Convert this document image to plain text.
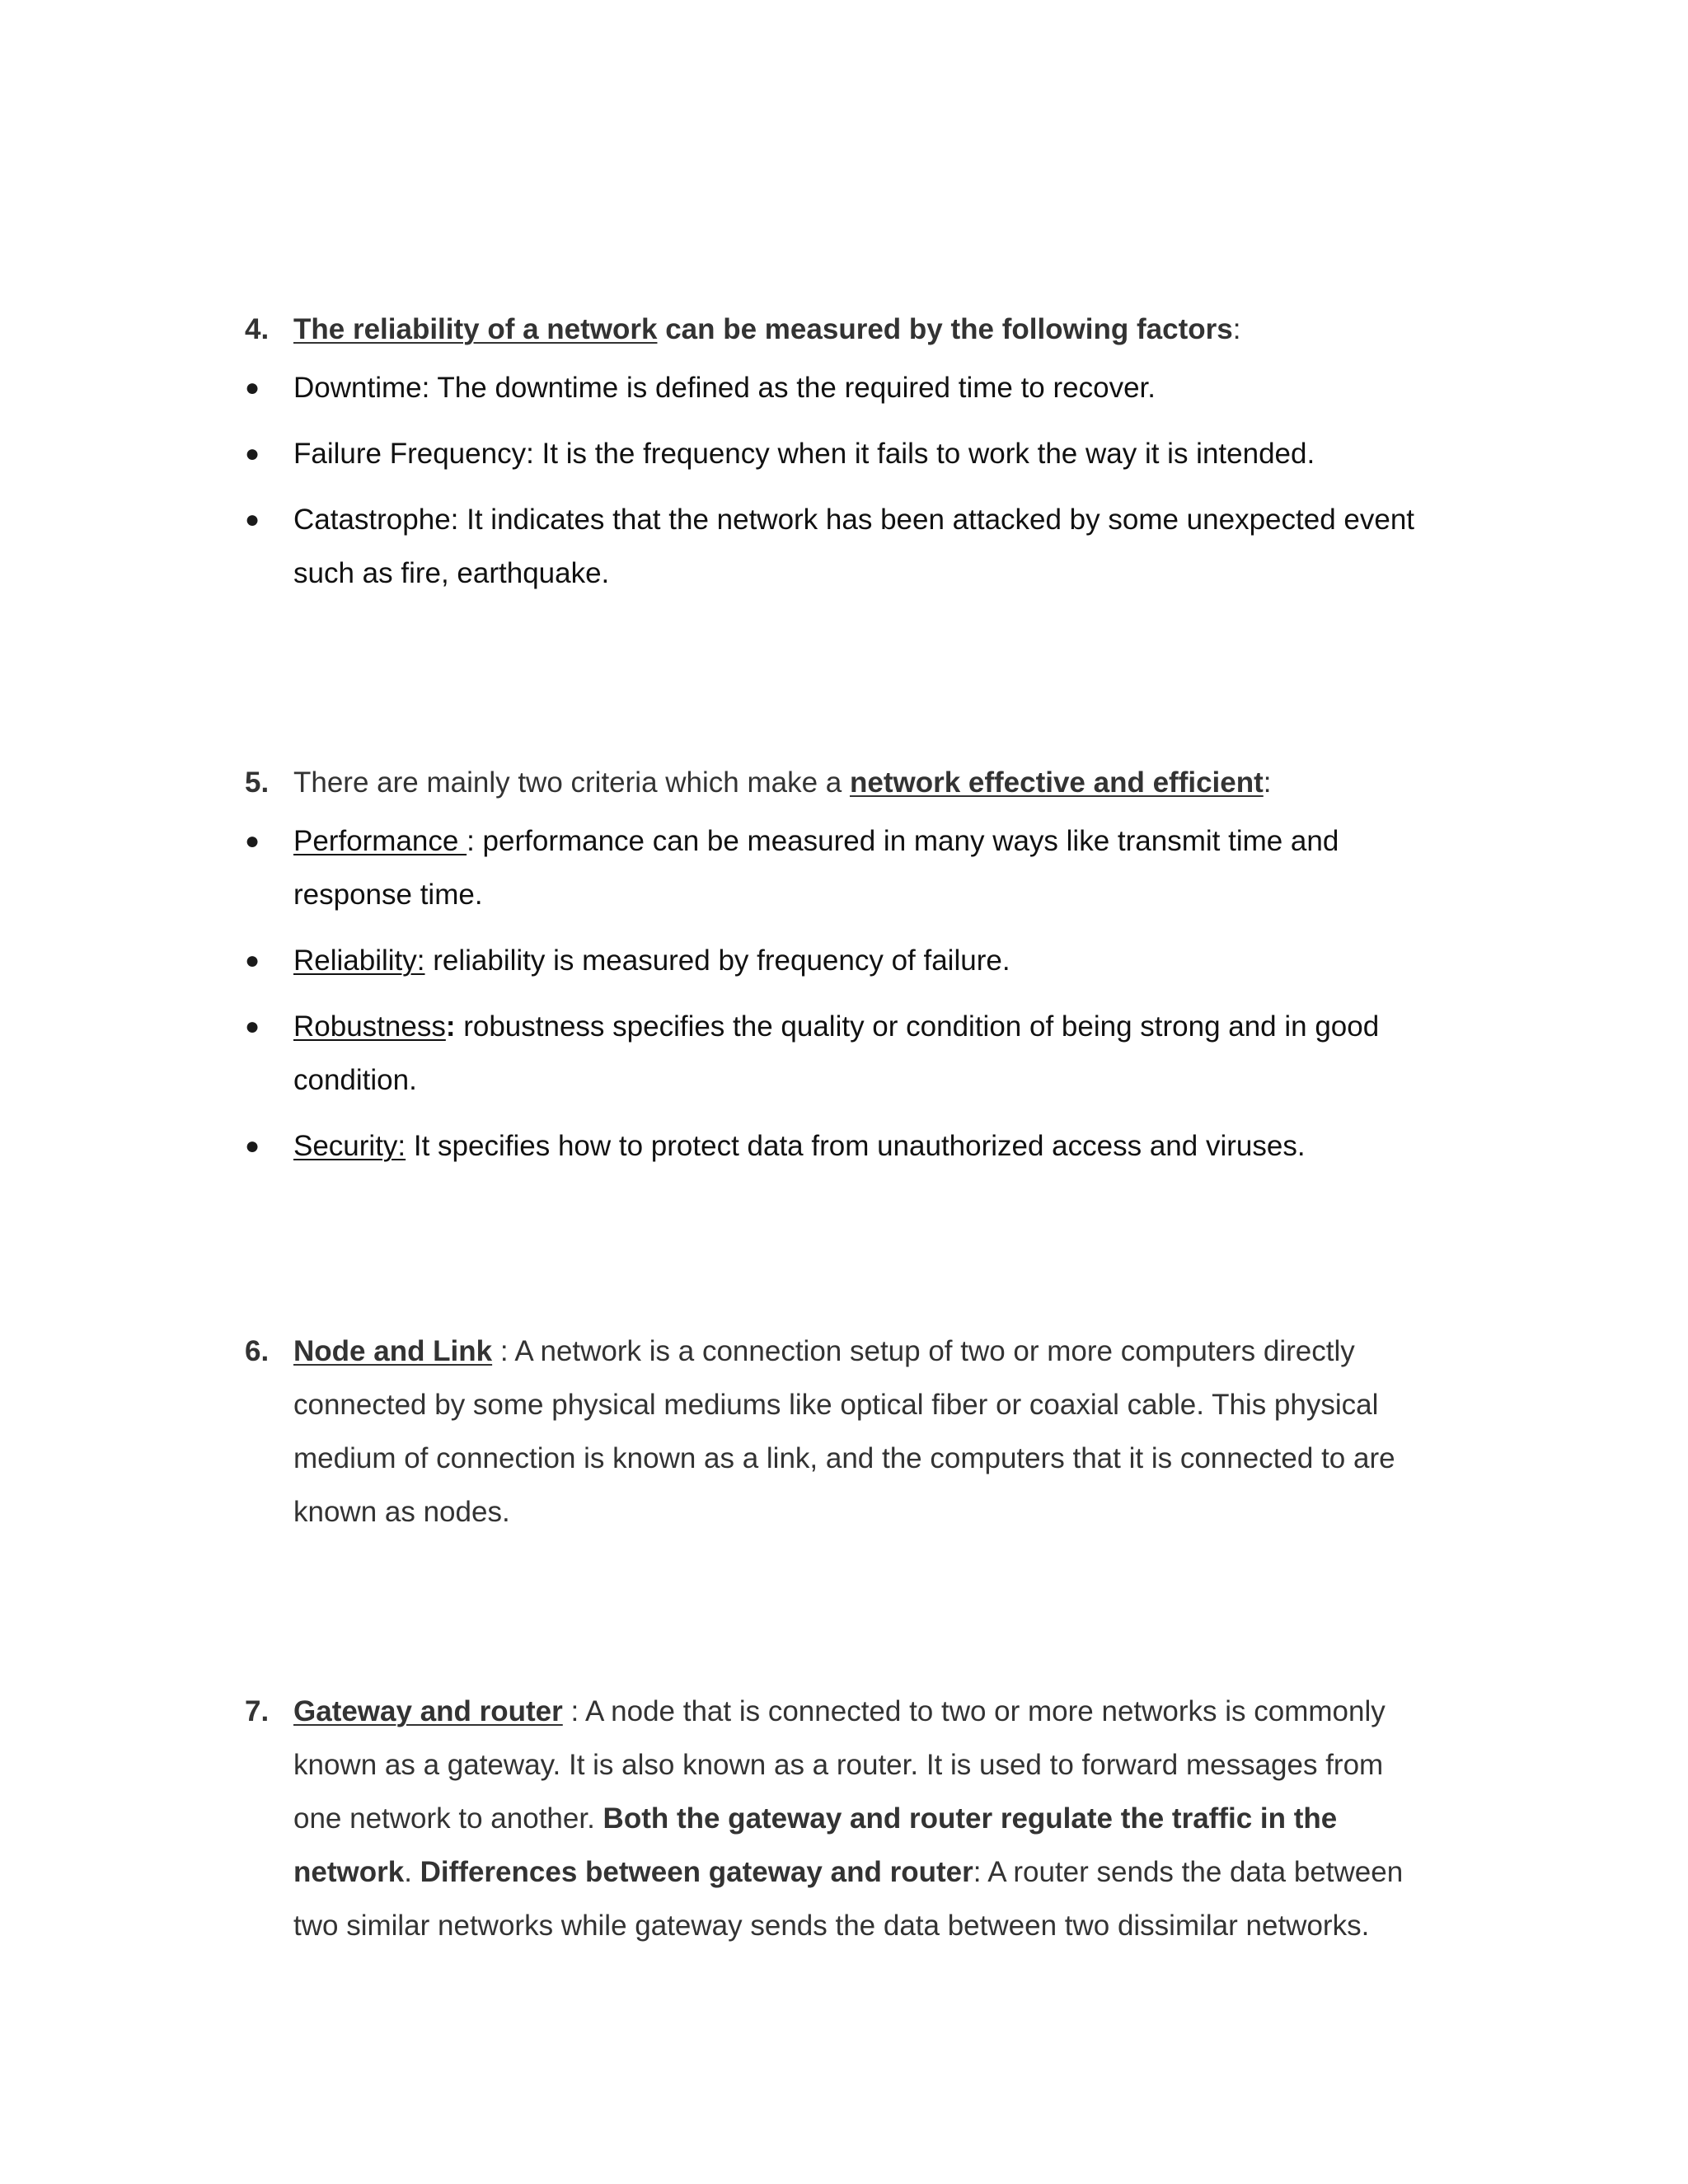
4. The reliability of a network can be measured by the following factors:
●	Downtime: The downtime is defined as the required time to recover.
●	Failure Frequency: It is the frequency when it fails to work the way it is intended.
●	Catastrophe: It indicates that the network has been attacked by some unexpected event
such as fire, earthquake.
5. There are mainly two criteria which make a network effective and efficient:
●	Performance : performance can be measured in many ways like transmit time and
response time.
●	Reliability: reliability is measured by frequency of failure.
●	Robustness: robustness specifies the quality or condition of being strong and in good
condition.
●	Security: It specifies how to protect data from unauthorized access and viruses.
6. Node and Link : A network is a connection setup of two or more computers directly
connected by some physical mediums like optical fiber or coaxial cable. This physical
medium of connection is known as a link, and the computers that it is connected to are
known as nodes.
7. Gateway and router : A node that is connected to two or more networks is commonly
known as a gateway. It is also known as a router. It is used to forward messages from
one network to another. Both the gateway and router regulate the traffic in the
network. Differences between gateway and router: A router sends the data between
two similar networks while gateway sends the data between two dissimilar networks.
